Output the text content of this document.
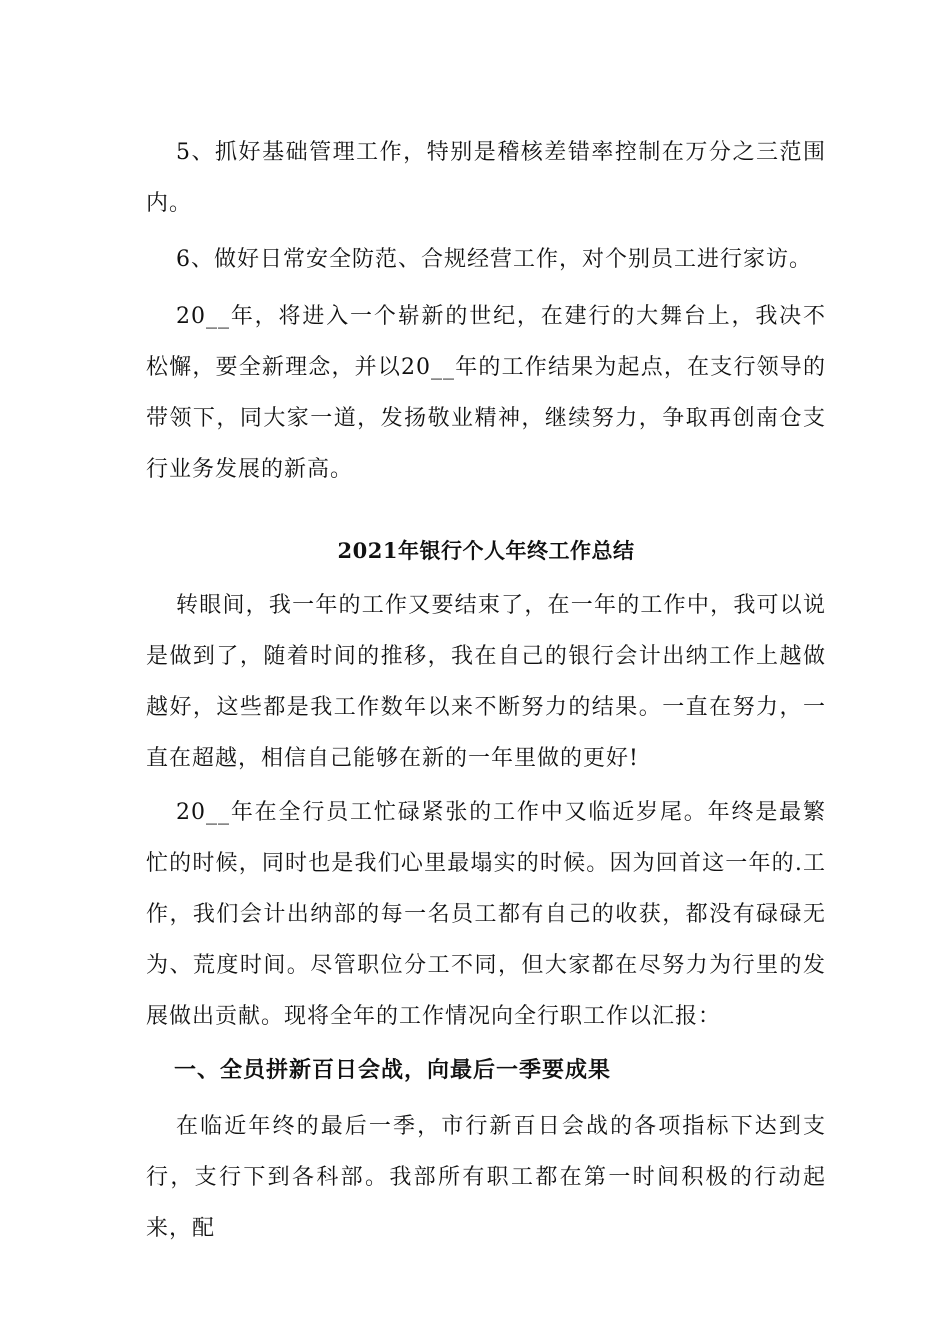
5、抓好基础管理工作，特别是稽核差错率控制在万分之三范围内。

6、做好日常安全防范、合规经营工作，对个别员工进行家访。

20__年，将进入一个崭新的世纪，在建行的大舞台上，我决不松懈，要全新理念，并以20__年的工作结果为起点，在支行领导的带领下，同大家一道，发扬敬业精神，继续努力，争取再创南仓支行业务发展的新高。

2021年银行个人年终工作总结

转眼间，我一年的工作又要结束了，在一年的工作中，我可以说是做到了，随着时间的推移，我在自己的银行会计出纳工作上越做越好，这些都是我工作数年以来不断努力的结果。一直在努力，一直在超越，相信自己能够在新的一年里做的更好!

20__年在全行员工忙碌紧张的工作中又临近岁尾。年终是最繁忙的时候，同时也是我们心里最塌实的时候。因为回首这一年的.工作，我们会计出纳部的每一名员工都有自己的收获，都没有碌碌无为、荒度时间。尽管职位分工不同，但大家都在尽努力为行里的发展做出贡献。现将全年的工作情况向全行职工作以汇报：

一、全员拼新百日会战，向最后一季要成果

在临近年终的最后一季，市行新百日会战的各项指标下达到支行，支行下到各科部。我部所有职工都在第一时间积极的行动起来，配
